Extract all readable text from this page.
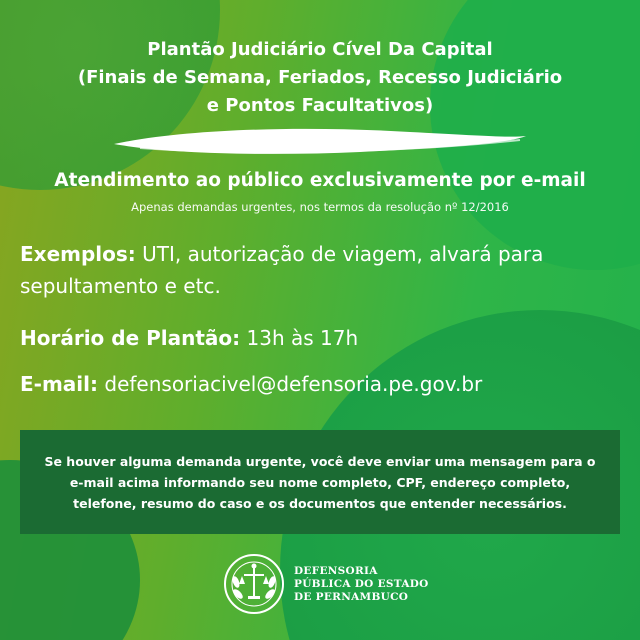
Plantão Judiciário Cível Da Capital
(Finais de Semana, Feriados, Recesso Judiciário
e Pontos Facultativos)
Atendimento ao público exclusivamente por e-mail
Apenas demandas urgentes, nos termos da resolução nº 12/2016
Exemplos: UTI, autorização de viagem, alvará para sepultamento e etc.
Horário de Plantão: 13h às 17h
E-mail: defensoriacivel@defensoria.pe.gov.br
Se houver alguma demanda urgente, você deve enviar uma mensagem para o e-mail acima informando seu nome completo, CPF, endereço completo, telefone, resumo do caso e os documentos que entender necessários.
DEFENSORIA
PÚBLICA DO ESTADO
DE PERNAMBUCO
